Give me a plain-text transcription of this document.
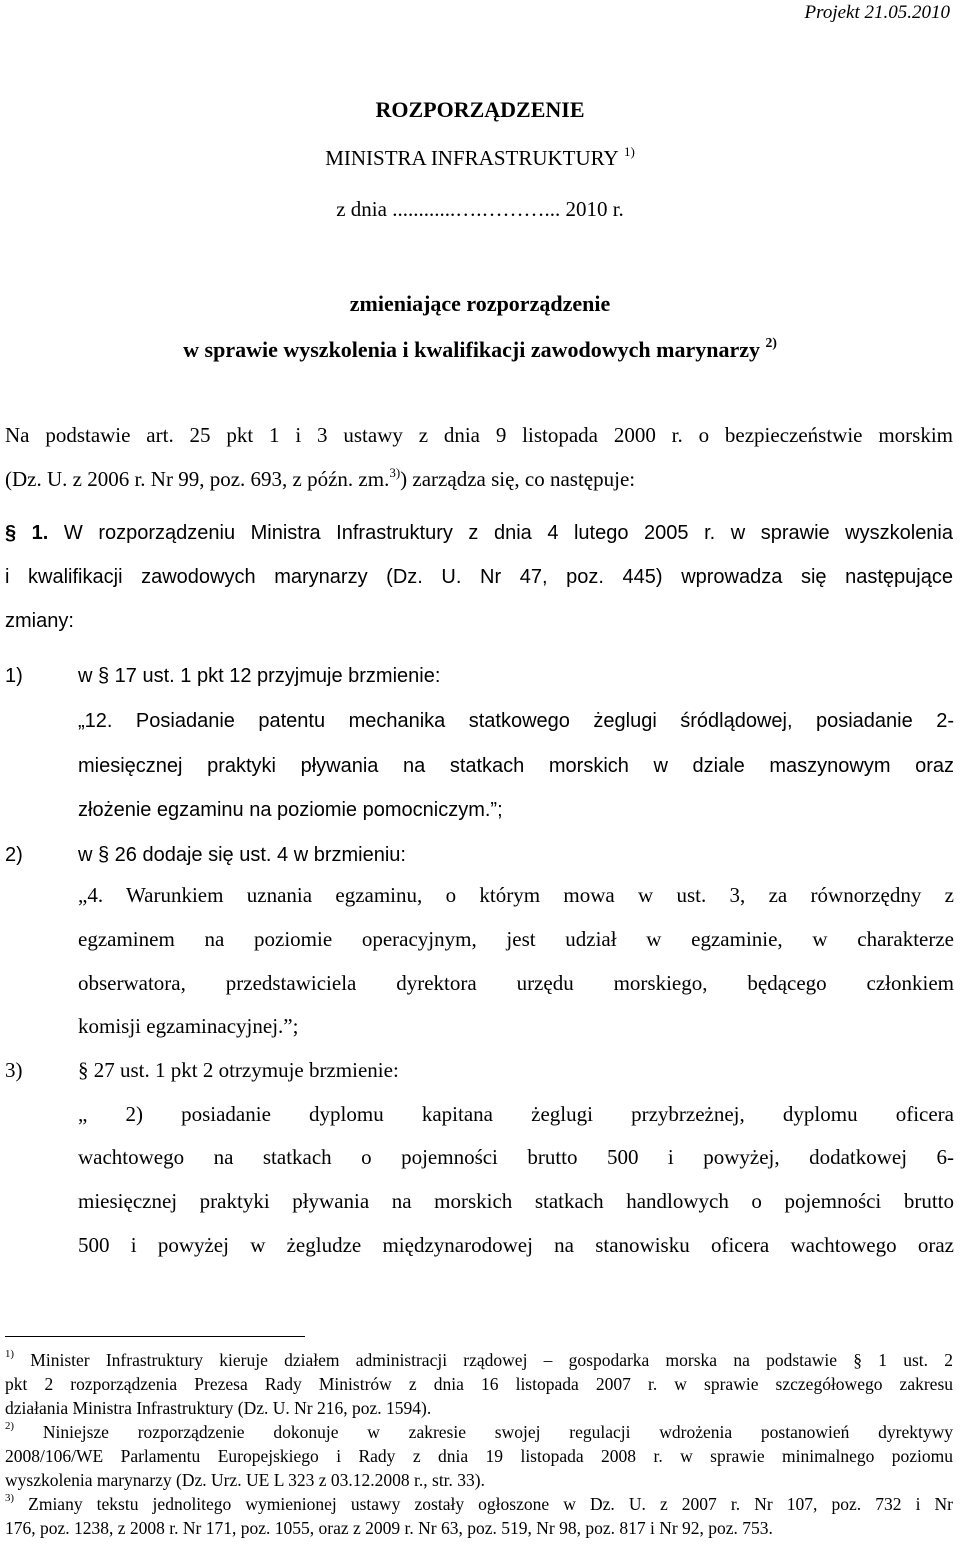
Projekt 21.05.2010
ROZPORZĄDZENIE
MINISTRA INFRASTRUKTURY $^{1)}$
z dnia ............….………... 2010 r.
zmieniające rozporządzenie
w sprawie wyszkolenia i kwalifikacji zawodowych marynarzy $^{2)}$
Na podstawie art. 25 pkt 1 i 3 ustawy z dnia 9 listopada 2000 r. o bezpieczeństwie morskim
(Dz. U. z 2006 r. Nr 99, poz. 693, z późn. zm.$^{3)}$) zarządza się, co następuje:
§ 1. W rozporządzeniu Ministra Infrastruktury z dnia 4 lutego 2005 r. w sprawie wyszkolenia
i kwalifikacji zawodowych marynarzy (Dz. U. Nr 47, poz. 445) wprowadza się następujące
zmiany:
1)	w § 17 ust. 1 pkt 12 przyjmuje brzmienie:
„12. Posiadanie patentu mechanika statkowego żeglugi śródlądowej, posiadanie 2-
miesięcznej praktyki pływania na statkach morskich w dziale maszynowym oraz
złożenie egzaminu na poziomie pomocniczym.”;
2)	w § 26 dodaje się ust. 4 w brzmieniu:
„4. Warunkiem uznania egzaminu, o którym mowa w ust. 3, za równorzędny z
egzaminem na poziomie operacyjnym, jest udział w egzaminie, w charakterze
obserwatora, przedstawiciela dyrektora urzędu morskiego, będącego członkiem
komisji egzaminacyjnej.”;
3)	§ 27 ust. 1 pkt 2 otrzymuje brzmienie:
„ 2) posiadanie dyplomu kapitana żeglugi przybrzeżnej, dyplomu oficera
wachtowego na statkach o pojemności brutto 500 i powyżej, dodatkowej 6-
miesięcznej praktyki pływania na morskich statkach handlowych o pojemności brutto
500 i powyżej w żegludze międzynarodowej na stanowisku oficera wachtowego oraz
$^{1)}$ Minister Infrastruktury kieruje działem administracji rządowej – gospodarka morska na podstawie § 1 ust. 2
pkt 2 rozporządzenia Prezesa Rady Ministrów z dnia 16 listopada 2007 r. w sprawie szczegółowego zakresu
działania Ministra Infrastruktury (Dz. U. Nr 216, poz. 1594).
$^{2)}$ Niniejsze rozporządzenie dokonuje w zakresie swojej regulacji wdrożenia postanowień dyrektywy
2008/106/WE Parlamentu Europejskiego i Rady z dnia 19 listopada 2008 r. w sprawie minimalnego poziomu
wyszkolenia marynarzy (Dz. Urz. UE L 323 z 03.12.2008 r., str. 33).
$^{3)}$ Zmiany tekstu jednolitego wymienionej ustawy zostały ogłoszone w Dz. U. z 2007 r. Nr 107, poz. 732 i Nr
176, poz. 1238, z 2008 r. Nr 171, poz. 1055, oraz z 2009 r. Nr 63, poz. 519, Nr 98, poz. 817 i Nr 92, poz. 753.
